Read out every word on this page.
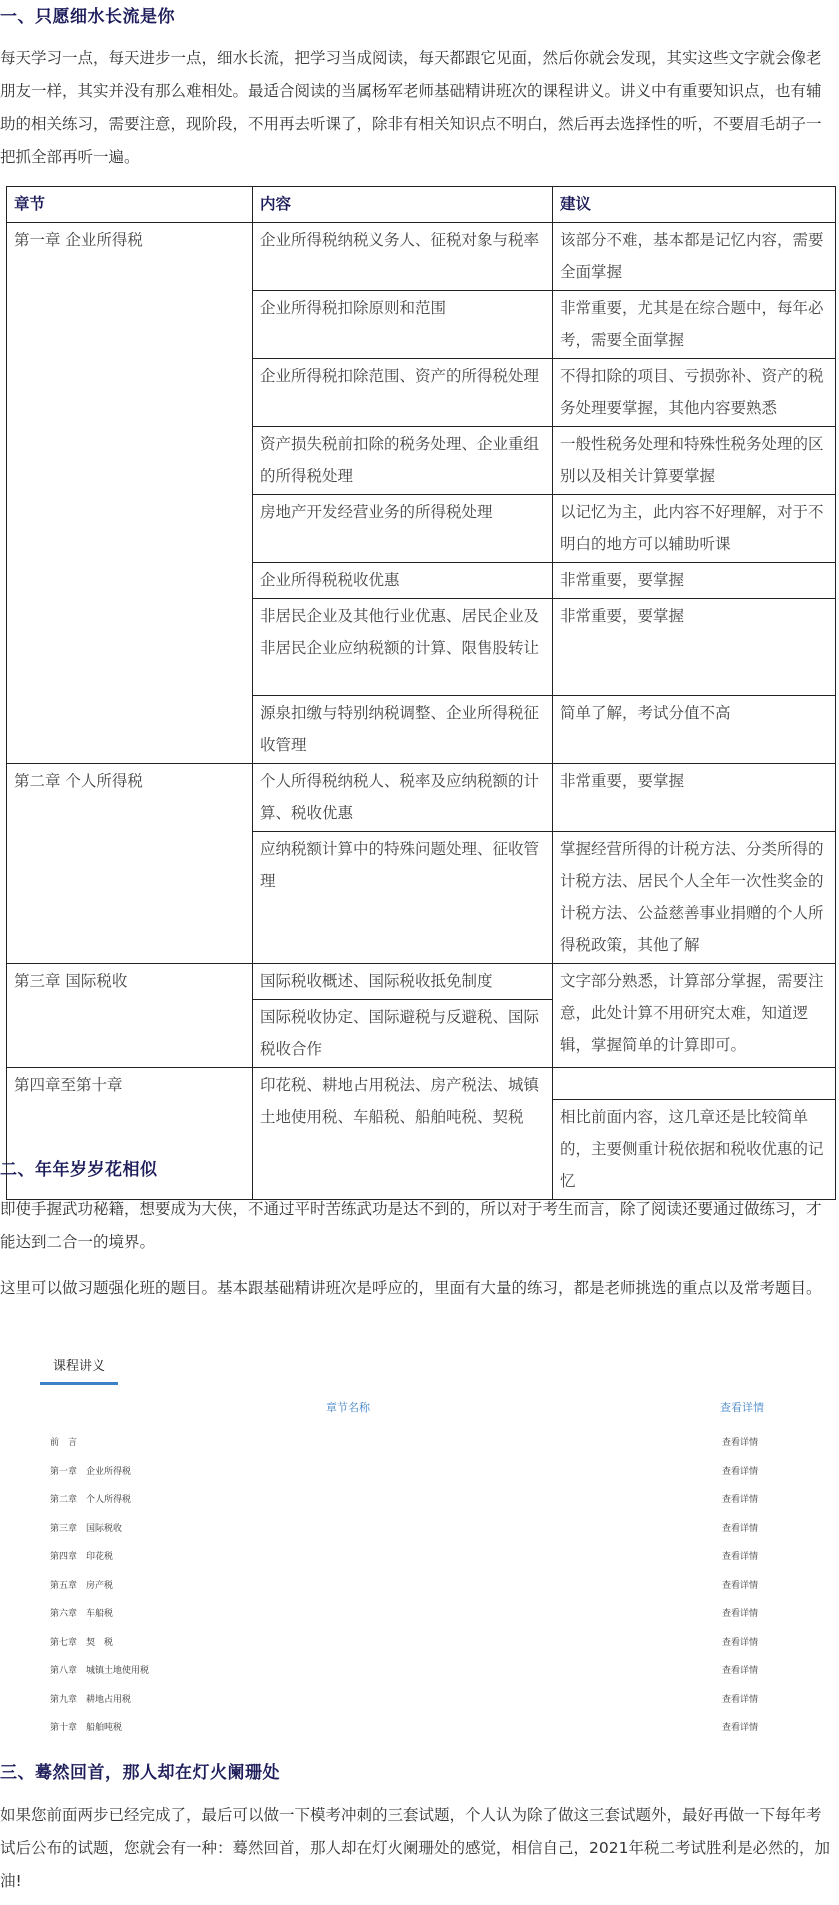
一、只愿细水长流是你
每天学习一点，每天进步一点，细水长流，把学习当成阅读，每天都跟它见面，然后你就会发现，其实这些文字就会像老朋友一样，其实并没有那么难相处。最适合阅读的当属杨军老师基础精讲班次的课程讲义。讲义中有重要知识点，也有辅助的相关练习，需要注意，现阶段，不用再去听课了，除非有相关知识点不明白，然后再去选择性的听，不要眉毛胡子一把抓全部再听一遍。
章节	内容	建议
第一章 企业所得税	企业所得税纳税义务人、征税对象与税率	该部分不难，基本都是记忆内容，需要全面掌握
	企业所得税扣除原则和范围	非常重要，尤其是在综合题中，每年必考，需要全面掌握
	企业所得税扣除范围、资产的所得税处理	不得扣除的项目、亏损弥补、资产的税务处理要掌握，其他内容要熟悉
	资产损失税前扣除的税务处理、企业重组的所得税处理	一般性税务处理和特殊性税务处理的区别以及相关计算要掌握
	房地产开发经营业务的所得税处理	以记忆为主，此内容不好理解，对于不明白的地方可以辅助听课
	企业所得税税收优惠	非常重要，要掌握
	非居民企业及其他行业优惠、居民企业及非居民企业应纳税额的计算、限售股转让	非常重要，要掌握
	源泉扣缴与特别纳税调整、企业所得税征收管理	简单了解，考试分值不高
第二章 个人所得税	个人所得税纳税人、税率及应纳税额的计算、税收优惠	非常重要，要掌握
	应纳税额计算中的特殊问题处理、征收管理	掌握经营所得的计税方法、分类所得的计税方法、居民个人全年一次性奖金的计税方法、公益慈善事业捐赠的个人所得税政策，其他了解
第三章 国际税收	国际税收概述、国际税收抵免制度	文字部分熟悉，计算部分掌握，需要注意，此处计算不用研究太难，知道逻辑，掌握简单的计算即可。
	国际税收协定、国际避税与反避税、国际税收合作	
第四章至第十章	印花税、耕地占用税法、房产税法、城镇土地使用税、车船税、船舶吨税、契税	
		相比前面内容，这几章还是比较简单的，主要侧重计税依据和税收优惠的记忆
二、年年岁岁花相似
即使手握武功秘籍，想要成为大侠，不通过平时苦练武功是达不到的，所以对于考生而言，除了阅读还要通过做练习，才能达到二合一的境界。
这里可以做习题强化班的题目。基本跟基础精讲班次是呼应的，里面有大量的练习，都是老师挑选的重点以及常考题目。
课程讲义
章节名称	查看详情
前　言	查看详情
第一章　企业所得税	查看详情
第二章　个人所得税	查看详情
第三章　国际税收	查看详情
第四章　印花税	查看详情
第五章　房产税	查看详情
第六章　车船税	查看详情
第七章　契　税	查看详情
第八章　城镇土地使用税	查看详情
第九章　耕地占用税	查看详情
第十章　船舶吨税	查看详情
三、蓦然回首，那人却在灯火阑珊处
如果您前面两步已经完成了，最后可以做一下模考冲刺的三套试题，个人认为除了做这三套试题外，最好再做一下每年考试后公布的试题，您就会有一种：蓦然回首，那人却在灯火阑珊处的感觉，相信自己，2021年税二考试胜利是必然的，加油!
